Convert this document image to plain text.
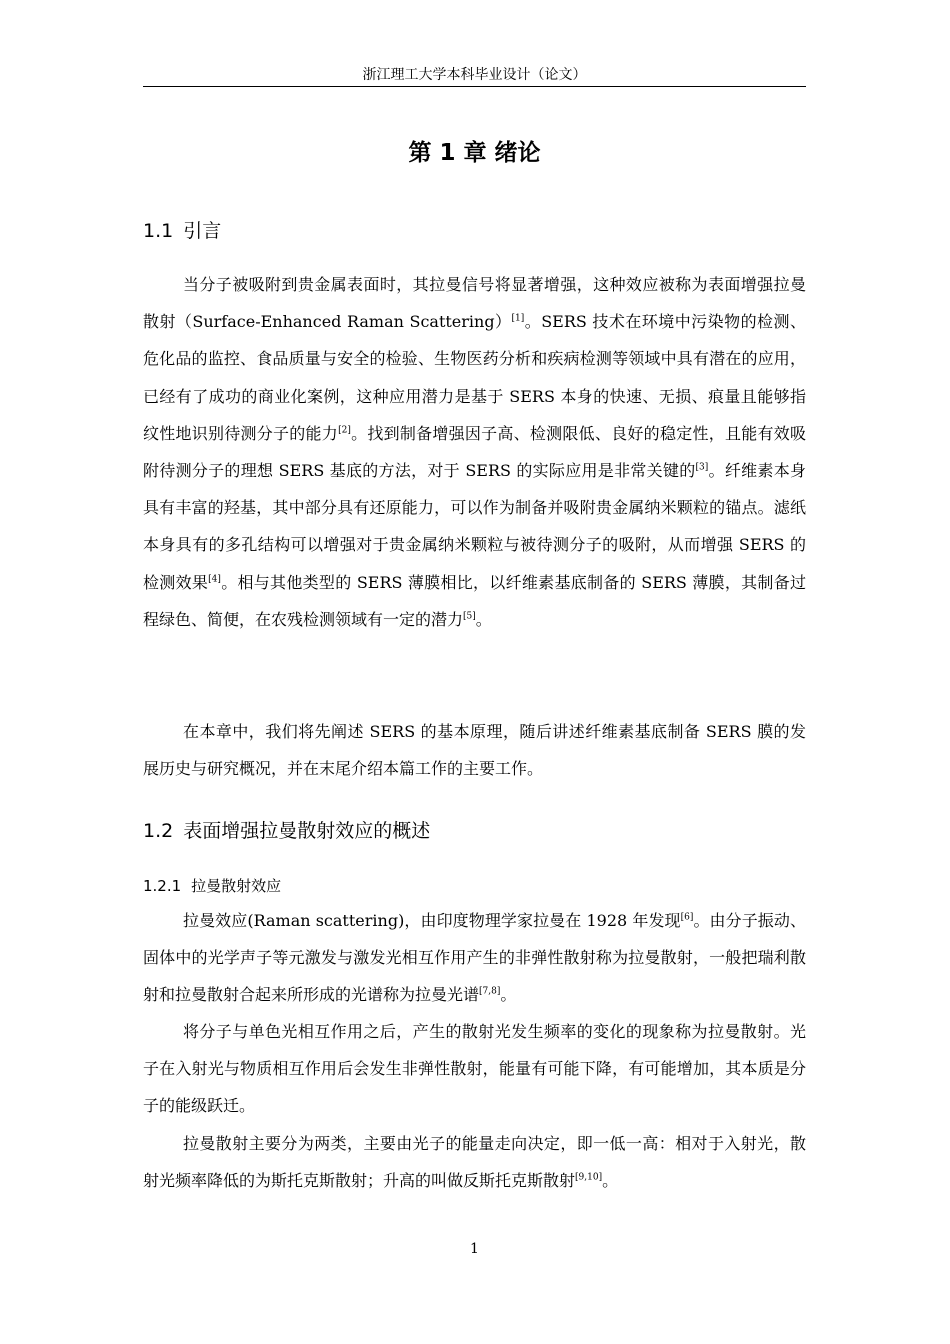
浙江理工大学本科毕业设计（论文）
第 1 章 绪论
1.1 引言

当分子被吸附到贵金属表面时，其拉曼信号将显著增强，这种效应被称为表面增强拉曼散射（Surface-Enhanced Raman Scattering）[1]。SERS 技术在环境中污染物的检测、危化品的监控、食品质量与安全的检验、生物医药分析和疾病检测等领域中具有潜在的应用，已经有了成功的商业化案例，这种应用潜力是基于 SERS 本身的快速、无损、痕量且能够指纹性地识别待测分子的能力[2]。找到制备增强因子高、检测限低、良好的稳定性，且能有效吸附待测分子的理想 SERS 基底的方法，对于 SERS 的实际应用是非常关键的[3]。纤维素本身具有丰富的羟基，其中部分具有还原能力，可以作为制备并吸附贵金属纳米颗粒的锚点。滤纸本身具有的多孔结构可以增强对于贵金属纳米颗粒与被待测分子的吸附，从而增强 SERS 的检测效果[4]。相与其他类型的 SERS 薄膜相比，以纤维素基底制备的 SERS 薄膜，其制备过程绿色、简便，在农残检测领域有一定的潜力[5]。

在本章中，我们将先阐述 SERS 的基本原理，随后讲述纤维素基底制备 SERS 膜的发展历史与研究概况，并在末尾介绍本篇工作的主要工作。

1.2 表面增强拉曼散射效应的概述
1.2.1 拉曼散射效应

拉曼效应(Raman scattering)，由印度物理学家拉曼在 1928 年发现[6]。由分子振动、固体中的光学声子等元激发与激发光相互作用产生的非弹性散射称为拉曼散射，一般把瑞利散射和拉曼散射合起来所形成的光谱称为拉曼光谱[7,8]。

将分子与单色光相互作用之后，产生的散射光发生频率的变化的现象称为拉曼散射。光子在入射光与物质相互作用后会发生非弹性散射，能量有可能下降，有可能增加，其本质是分子的能级跃迁。

拉曼散射主要分为两类，主要由光子的能量走向决定，即一低一高：相对于入射光，散射光频率降低的为斯托克斯散射；升高的叫做反斯托克斯散射[9,10]。

1
